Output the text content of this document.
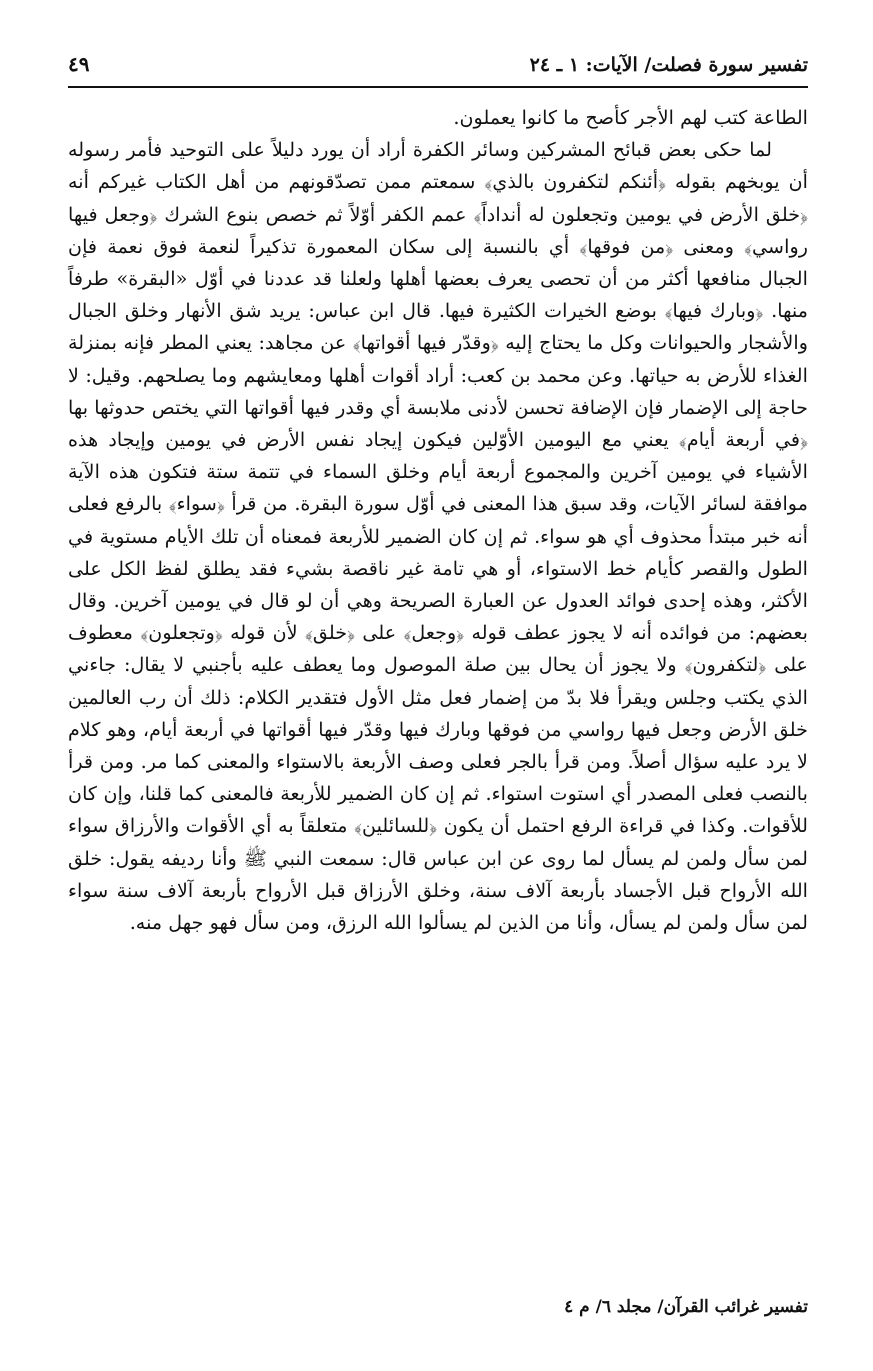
تفسير سورة فصلت/ الآيات: ١ ـ ٢٤
٤٩

الطاعة كتب لهم الأجر كأصح ما كانوا يعملون.

لما حكى بعض قبائح المشركين وسائر الكفرة أراد أن يورد دليلاً على التوحيد فأمر رسوله أن يوبخهم بقوله ﴿أئنكم لتكفرون بالذي﴾ سمعتم ممن تصدّقونهم من أهل الكتاب غيركم أنه ﴿خلق الأرض في يومين وتجعلون له أنداداً﴾ عمم الكفر أوّلاً ثم خصص بنوع الشرك ﴿وجعل فيها رواسي﴾ ومعنى ﴿من فوقها﴾ أي بالنسبة إلى سكان المعمورة تذكيراً لنعمة فوق نعمة فإن الجبال منافعها أكثر من أن تحصى يعرف بعضها أهلها ولعلنا قد عددنا في أوّل «البقرة» طرفاً منها. ﴿وبارك فيها﴾ بوضع الخيرات الكثيرة فيها. قال ابن عباس: يريد شق الأنهار وخلق الجبال والأشجار والحيوانات وكل ما يحتاج إليه ﴿وقدّر فيها أقواتها﴾ عن مجاهد: يعني المطر فإنه بمنزلة الغذاء للأرض به حياتها. وعن محمد بن كعب: أراد أقوات أهلها ومعايشهم وما يصلحهم. وقيل: لا حاجة إلى الإضمار فإن الإضافة تحسن لأدنى ملابسة أي وقدر فيها أقواتها التي يختص حدوثها بها ﴿في أربعة أيام﴾ يعني مع اليومين الأوّلين فيكون إيجاد نفس الأرض في يومين وإيجاد هذه الأشياء في يومين آخرين والمجموع أربعة أيام وخلق السماء في تتمة ستة فتكون هذه الآية موافقة لسائر الآيات، وقد سبق هذا المعنى في أوّل سورة البقرة. من قرأ ﴿سواء﴾ بالرفع فعلى أنه خبر مبتدأ محذوف أي هو سواء. ثم إن كان الضمير للأربعة فمعناه أن تلك الأيام مستوية في الطول والقصر كأيام خط الاستواء، أو هي تامة غير ناقصة بشيء فقد يطلق لفظ الكل على الأكثر، وهذه إحدى فوائد العدول عن العبارة الصريحة وهي أن لو قال في يومين آخرين. وقال بعضهم: من فوائده أنه لا يجوز عطف قوله ﴿وجعل﴾ على ﴿خلق﴾ لأن قوله ﴿وتجعلون﴾ معطوف على ﴿لتكفرون﴾ ولا يجوز أن يحال بين صلة الموصول وما يعطف عليه بأجنبي لا يقال: جاءني الذي يكتب وجلس ويقرأ فلا بدّ من إضمار فعل مثل الأول فتقدير الكلام: ذلك أن رب العالمين خلق الأرض وجعل فيها رواسي من فوقها وبارك فيها وقدّر فيها أقواتها في أربعة أيام، وهو كلام لا يرد عليه سؤال أصلاً. ومن قرأ بالجر فعلى وصف الأربعة بالاستواء والمعنى كما مر. ومن قرأ بالنصب فعلى المصدر أي استوت استواء. ثم إن كان الضمير للأربعة فالمعنى كما قلنا، وإن كان للأقوات. وكذا في قراءة الرفع احتمل أن يكون ﴿للسائلين﴾ متعلقاً به أي الأقوات والأرزاق سواء لمن سأل ولمن لم يسأل لما روى عن ابن عباس قال: سمعت النبي ﷺ وأنا رديفه يقول: خلق الله الأرواح قبل الأجساد بأربعة آلاف سنة، وخلق الأرزاق قبل الأرواح بأربعة آلاف سنة سواء لمن سأل ولمن لم يسأل، وأنا من الذين لم يسألوا الله الرزق، ومن سأل فهو جهل منه.

تفسير غرائب القرآن/ مجلد ٦/ م ٤
